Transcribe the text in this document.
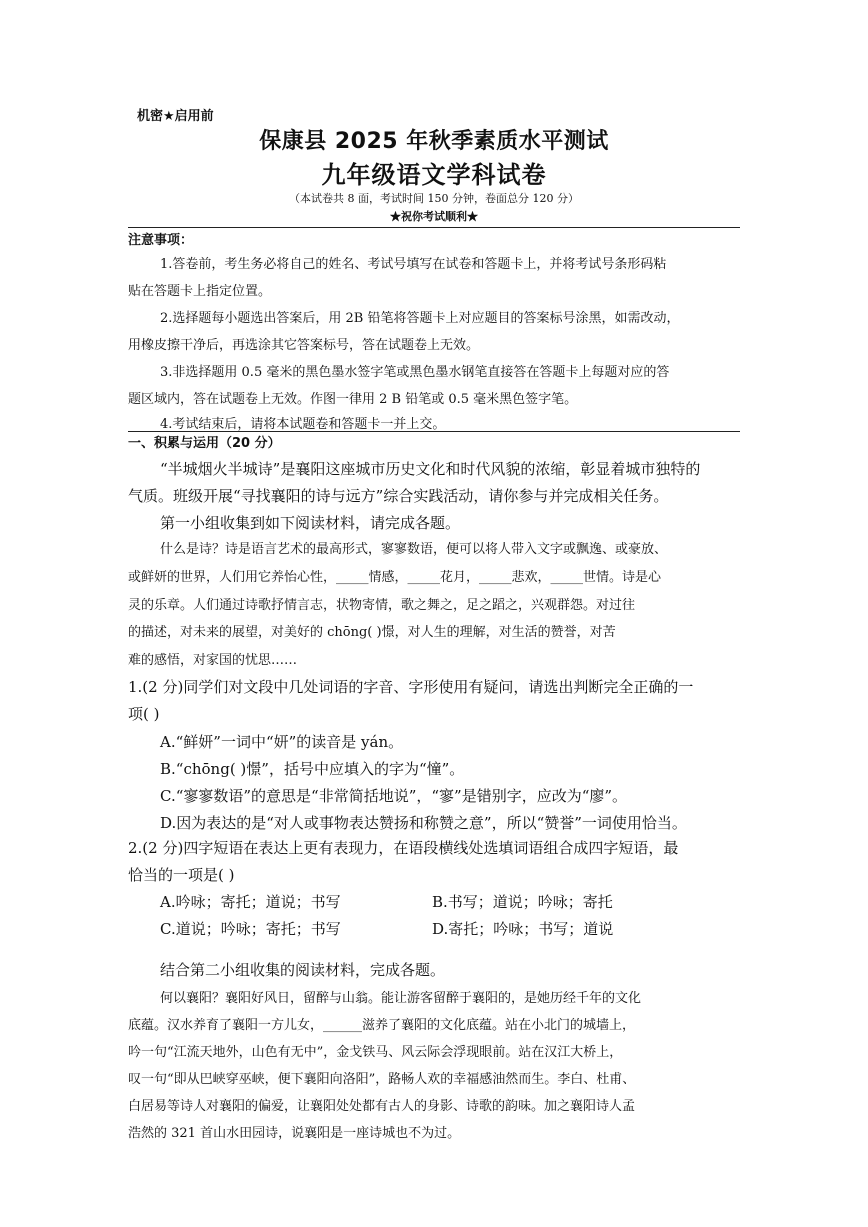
机密★启用前
保康县 2025 年秋季素质水平测试
九年级语文学科试卷
（本试卷共 8 面，考试时间 150 分钟，卷面总分 120 分）
★祝你考试顺利★
注意事项：
1.答卷前，考生务必将自己的姓名、考试号填写在试卷和答题卡上，并将考试号条形码粘
贴在答题卡上指定位置。
2.选择题每小题选出答案后，用 2B 铅笔将答题卡上对应题目的答案标号涂黑，如需改动，
用橡皮擦干净后，再选涂其它答案标号，答在试题卷上无效。
3.非选择题用 0.5 毫米的黑色墨水签字笔或黑色墨水钢笔直接答在答题卡上每题对应的答
题区域内，答在试题卷上无效。作图一律用 2 B 铅笔或 0.5 毫米黑色签字笔。
4.考试结束后，请将本试题卷和答题卡一并上交。
一、积累与运用（20 分）
“半城烟火半城诗”是襄阳这座城市历史文化和时代风貌的浓缩，彰显着城市独特的
气质。班级开展“寻找襄阳的诗与远方”综合实践活动，请你参与并完成相关任务。
第一小组收集到如下阅读材料，请完成各题。
什么是诗？诗是语言艺术的最高形式，寥寥数语，便可以将人带入文字或飘逸、或豪放、
或鲜妍的世界，人们用它养怡心性，_____情感，_____花月，_____悲欢，_____世情。诗是心
灵的乐章。人们通过诗歌抒情言志，状物寄情，歌之舞之，足之蹈之，兴观群怨。对过往
的描述，对未来的展望，对美好的 chōng( )憬，对人生的理解，对生活的赞誉，对苦
难的感悟，对家国的忧思……
1.(2 分)同学们对文段中几处词语的字音、字形使用有疑问，请选出判断完全正确的一
项( )
A.“鲜妍”一词中“妍”的读音是 yán。
B.“chōng( )憬”，括号中应填入的字为“憧”。
C.“寥寥数语”的意思是“非常简括地说”，“寥”是错别字，应改为“廖”。
D.因为表达的是“对人或事物表达赞扬和称赞之意”，所以“赞誉”一词使用恰当。
2.(2 分)四字短语在表达上更有表现力，在语段横线处选填词语组合成四字短语，最
恰当的一项是( )
A.吟咏；寄托；道说；书写	B.书写；道说；吟咏；寄托
C.道说；吟咏；寄托；书写	D.寄托；吟咏；书写；道说
结合第二小组收集的阅读材料，完成各题。
何以襄阳？襄阳好风日，留醉与山翁。能让游客留醉于襄阳的，是她历经千年的文化
底蕴。汉水养育了襄阳一方儿女，______滋养了襄阳的文化底蕴。站在小北门的城墙上，
吟一句“江流天地外，山色有无中”，金戈铁马、风云际会浮现眼前。站在汉江大桥上，
叹一句“即从巴峡穿巫峡，便下襄阳向洛阳”，路畅人欢的幸福感油然而生。李白、杜甫、
白居易等诗人对襄阳的偏爱，让襄阳处处都有古人的身影、诗歌的韵味。加之襄阳诗人孟
浩然的 321 首山水田园诗，说襄阳是一座诗城也不为过。
